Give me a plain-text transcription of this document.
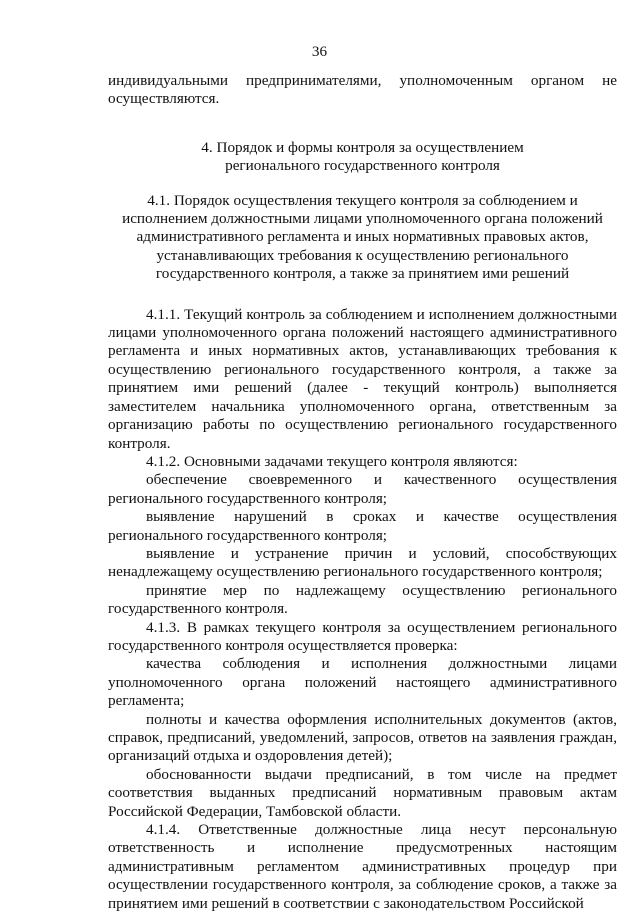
36

индивидуальными предпринимателями, уполномоченным органом не осуществляются.

4. Порядок и формы контроля за осуществлением

регионального государственного контроля

4.1. Порядок осуществления текущего контроля за соблюдением и исполнением должностными лицами уполномоченного органа положений административного регламента и иных нормативных правовых актов, устанавливающих требования к осуществлению регионального государственного контроля, а также за принятием ими решений

4.1.1. Текущий контроль за соблюдением и исполнением должностными лицами уполномоченного органа положений настоящего административного регламента и иных нормативных актов, устанавливающих требования к осуществлению регионального государственного контроля, а также за принятием ими решений (далее - текущий контроль) выполняется заместителем начальника уполномоченного органа, ответственным за организацию работы по осуществлению регионального государственного контроля.

4.1.2. Основными задачами текущего контроля являются:

обеспечение своевременного и качественного осуществления регионального государственного контроля;

выявление нарушений в сроках и качестве осуществления регионального государственного контроля;

выявление и устранение причин и условий, способствующих ненадлежащему осуществлению регионального государственного контроля;

принятие мер по надлежащему осуществлению регионального государственного контроля.

4.1.3. В рамках текущего контроля за осуществлением регионального государственного контроля осуществляется проверка:

качества соблюдения и исполнения должностными лицами уполномоченного органа положений настоящего административного регламента;

полноты и качества оформления исполнительных документов (актов, справок, предписаний, уведомлений, запросов, ответов на заявления граждан, организаций отдыха и оздоровления детей);

обоснованности выдачи предписаний, в том числе на предмет соответствия выданных предписаний нормативным правовым актам Российской Федерации, Тамбовской области.

4.1.4. Ответственные должностные лица несут персональную ответственность и исполнение предусмотренных настоящим административным регламентом административных процедур при осуществлении государственного контроля, за соблюдение сроков, а также за принятием ими решений в соответствии с законодательством Российской
